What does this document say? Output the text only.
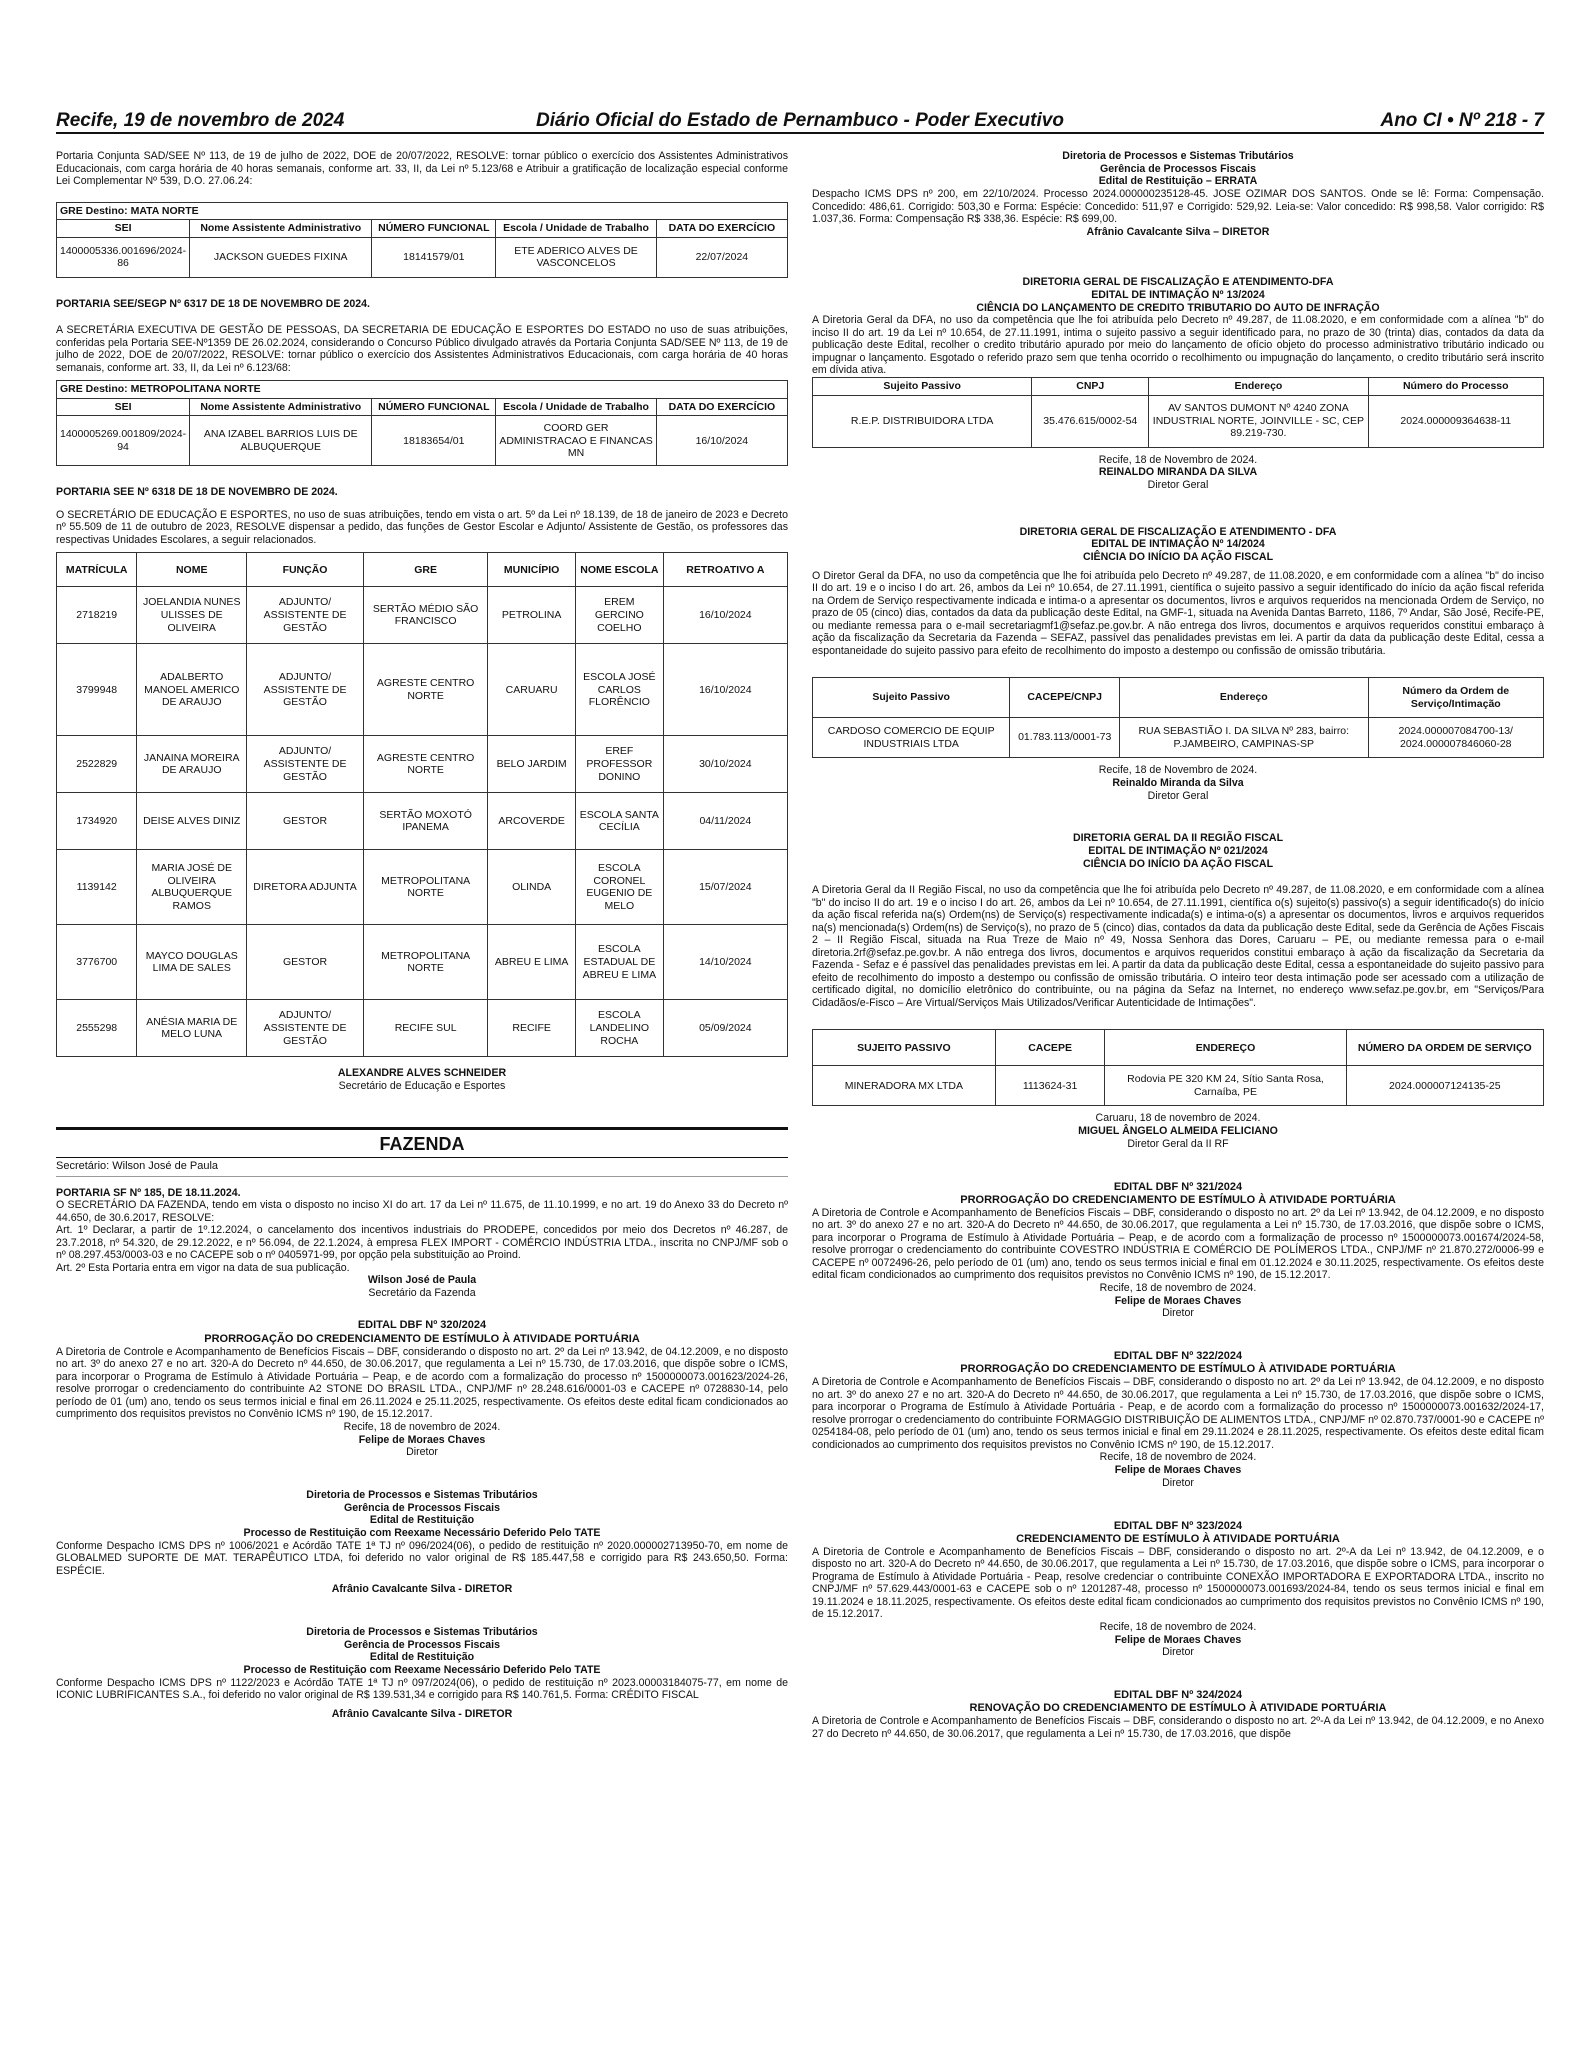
Recife, 19 de novembro de 2024	Diário Oficial do Estado de Pernambuco - Poder Executivo	Ano CI • Nº 218 - 7

Portaria Conjunta SAD/SEE Nº 113, de 19 de julho de 2022, DOE de 20/07/2022, RESOLVE: tornar público o exercício dos Assistentes Administrativos Educacionais, com carga horária de 40 horas semanais, conforme art. 33, II, da Lei nº 5.123/68 e Atribuir a gratificação de localização especial conforme Lei Complementar Nº 539, D.O. 27.06.24:

GRE Destino: MATA NORTE
SEI	Nome Assistente Administrativo	NÚMERO FUNCIONAL	Escola / Unidade de Trabalho	DATA DO EXERCÍCIO
1400005336.001696/2024-86	JACKSON GUEDES FIXINA	18141579/01	ETE ADERICO ALVES DE VASCONCELOS	22/07/2024

PORTARIA SEE/SEGP Nº 6317 DE 18 DE NOVEMBRO DE 2024.

A SECRETÁRIA EXECUTIVA DE GESTÃO DE PESSOAS, DA SECRETARIA DE EDUCAÇÃO E ESPORTES DO ESTADO no uso de suas atribuições, conferidas pela Portaria SEE-Nº1359 DE 26.02.2024, considerando o Concurso Público divulgado através da Portaria Conjunta SAD/SEE Nº 113, de 19 de julho de 2022, DOE de 20/07/2022, RESOLVE: tornar público o exercício dos Assistentes Administrativos Educacionais, com carga horária de 40 horas semanais, conforme art. 33, II, da Lei nº 6.123/68:

GRE Destino: METROPOLITANA NORTE
SEI	Nome Assistente Administrativo	NÚMERO FUNCIONAL	Escola / Unidade de Trabalho	DATA DO EXERCÍCIO
1400005269.001809/2024-94	ANA IZABEL BARRIOS LUIS DE ALBUQUERQUE	18183654/01	COORD GER ADMINISTRACAO E FINANCAS MN	16/10/2024

PORTARIA SEE Nº 6318 DE 18 DE NOVEMBRO DE 2024.

O SECRETÁRIO DE EDUCAÇÃO E ESPORTES, no uso de suas atribuições, tendo em vista o art. 5º da Lei nº 18.139, de 18 de janeiro de 2023 e Decreto nº 55.509 de 11 de outubro de 2023, RESOLVE dispensar a pedido, das funções de Gestor Escolar e Adjunto/ Assistente de Gestão, os professores das respectivas Unidades Escolares, a seguir relacionados.

MATRÍCULA	NOME	FUNÇÃO	GRE	MUNICÍPIO	NOME ESCOLA	RETROATIVO A
2718219	JOELANDIA NUNES ULISSES DE OLIVEIRA	ADJUNTO/ ASSISTENTE DE GESTÃO	SERTÃO MÉDIO SÃO FRANCISCO	PETROLINA	EREM GERCINO COELHO	16/10/2024
3799948	ADALBERTO MANOEL AMERICO DE ARAUJO	ADJUNTO/ ASSISTENTE DE GESTÃO	AGRESTE CENTRO NORTE	CARUARU	ESCOLA JOSÉ CARLOS FLORÊNCIO	16/10/2024
2522829	JANAINA MOREIRA DE ARAUJO	ADJUNTO/ ASSISTENTE DE GESTÃO	AGRESTE CENTRO NORTE	BELO JARDIM	EREF PROFESSOR DONINO	30/10/2024
1734920	DEISE ALVES DINIZ	GESTOR	SERTÃO MOXOTÓ IPANEMA	ARCOVERDE	ESCOLA SANTA CECÍLIA	04/11/2024
1139142	MARIA JOSÉ DE OLIVEIRA ALBUQUERQUE RAMOS	DIRETORA ADJUNTA	METROPOLITANA NORTE	OLINDA	ESCOLA CORONEL EUGENIO DE MELO	15/07/2024
3776700	MAYCO DOUGLAS LIMA DE SALES	GESTOR	METROPOLITANA NORTE	ABREU E LIMA	ESCOLA ESTADUAL DE ABREU E LIMA	14/10/2024
2555298	ANÉSIA MARIA DE MELO LUNA	ADJUNTO/ ASSISTENTE DE GESTÃO	RECIFE SUL	RECIFE	ESCOLA LANDELINO ROCHA	05/09/2024
ALEXANDRE ALVES SCHNEIDER
Secretário de Educação e Esportes
FAZENDA
Secretário: Wilson José de Paula

PORTARIA SF Nº 185, DE 18.11.2024.

O SECRETÁRIO DA FAZENDA, tendo em vista o disposto no inciso XI do art. 17 da Lei nº 11.675, de 11.10.1999, e no art. 19 do Anexo 33 do Decreto nº 44.650, de 30.6.2017, RESOLVE:

Art. 1º Declarar, a partir de 1º.12.2024, o cancelamento dos incentivos industriais do PRODEPE, concedidos por meio dos Decretos nº 46.287, de 23.7.2018, nº 54.320, de 29.12.2022, e nº 56.094, de 22.1.2024, à empresa FLEX IMPORT - COMÉRCIO INDÚSTRIA LTDA., inscrita no CNPJ/MF sob o nº 08.297.453/0003-03 e no CACEPE sob o nº 0405971-99, por opção pela substituição ao Proind.

Art. 2º Esta Portaria entra em vigor na data de sua publicação.

Wilson José de Paula
Secretário da Fazenda
EDITAL DBF Nº 320/2024
PRORROGAÇÃO DO CREDENCIAMENTO DE ESTÍMULO À ATIVIDADE PORTUÁRIA

A Diretoria de Controle e Acompanhamento de Benefícios Fiscais – DBF, considerando o disposto no art. 2º da Lei nº 13.942, de 04.12.2009, e no disposto no art. 3º do anexo 27 e no art. 320-A do Decreto nº 44.650, de 30.06.2017, que regulamenta a Lei nº 15.730, de 17.03.2016, que dispõe sobre o ICMS, para incorporar o Programa de Estímulo à Atividade Portuária – Peap, e de acordo com a formalização do processo nº 1500000073.001623/2024-26, resolve prorrogar o credenciamento do contribuinte A2 STONE DO BRASIL LTDA., CNPJ/MF nº 28.248.616/0001-03 e CACEPE nº 0728830-14, pelo período de 01 (um) ano, tendo os seus termos inicial e final em 26.11.2024 e 25.11.2025, respectivamente. Os efeitos deste edital ficam condicionados ao cumprimento dos requisitos previstos no Convênio ICMS nº 190, de 15.12.2017.

Recife, 18 de novembro de 2024.
Felipe de Moraes Chaves
Diretor
Diretoria de Processos e Sistemas Tributários
Gerência de Processos Fiscais
Edital de Restituição
Processo de Restituição com Reexame Necessário Deferido Pelo TATE

Conforme Despacho ICMS DPS nº 1006/2021 e Acórdão TATE 1ª TJ nº 096/2024(06), o pedido de restituição nº 2020.000002713950-70, em nome de GLOBALMED SUPORTE DE MAT. TERAPÊUTICO LTDA, foi deferido no valor original de R$ 185.447,58 e corrigido para R$ 243.650,50. Forma: ESPÉCIE.

Afrânio Cavalcante Silva - DIRETOR
Diretoria de Processos e Sistemas Tributários
Gerência de Processos Fiscais
Edital de Restituição
Processo de Restituição com Reexame Necessário Deferido Pelo TATE

Conforme Despacho ICMS DPS nº 1122/2023 e Acórdão TATE 1ª TJ nº 097/2024(06), o pedido de restituição nº 2023.00003184075-77, em nome de ICONIC LUBRIFICANTES S.A., foi deferido no valor original de R$ 139.531,34 e corrigido para R$ 140.761,5. Forma: CRÉDITO FISCAL

Afrânio Cavalcante Silva - DIRETOR
Diretoria de Processos e Sistemas Tributários
Gerência de Processos Fiscais
Edital de Restituição – ERRATA

Despacho ICMS DPS nº 200, em 22/10/2024. Processo 2024.000000235128-45. JOSE OZIMAR DOS SANTOS. Onde se lê: Forma: Compensação. Concedido: 486,61. Corrigido: 503,30 e Forma: Espécie: Concedido: 511,97 e Corrigido: 529,92. Leia-se: Valor concedido: R$ 998,58. Valor corrigido: R$ 1.037,36. Forma: Compensação R$ 338,36. Espécie: R$ 699,00.

Afrânio Cavalcante Silva – DIRETOR
DIRETORIA GERAL DE FISCALIZAÇÃO E ATENDIMENTO-DFA
EDITAL DE INTIMAÇÃO Nº 13/2024
CIÊNCIA DO LANÇAMENTO DE CREDITO TRIBUTARIO DO AUTO DE INFRAÇÃO

A Diretoria Geral da DFA, no uso da competência que lhe foi atribuída pelo Decreto nº 49.287, de 11.08.2020, e em conformidade com a alínea "b" do inciso II do art. 19 da Lei nº 10.654, de 27.11.1991, intima o sujeito passivo a seguir identificado para, no prazo de 30 (trinta) dias, contados da data da publicação deste Edital, recolher o credito tributário apurado por meio do lançamento de ofício objeto do processo administrativo tributário indicado ou impugnar o lançamento. Esgotado o referido prazo sem que tenha ocorrido o recolhimento ou impugnação do lançamento, o credito tributário será inscrito em dívida ativa.

Sujeito Passivo	CNPJ	Endereço	Número do Processo
R.E.P. DISTRIBUIDORA LTDA	35.476.615/0002-54	AV SANTOS DUMONT Nº 4240 ZONA INDUSTRIAL NORTE, JOINVILLE - SC, CEP 89.219-730.	2024.000009364638-11
Recife, 18 de Novembro de 2024.
REINALDO MIRANDA DA SILVA
Diretor Geral
DIRETORIA GERAL DE FISCALIZAÇÃO E ATENDIMENTO - DFA
EDITAL DE INTIMAÇÃO Nº 14/2024
CIÊNCIA DO INÍCIO DA AÇÃO FISCAL

O Diretor Geral da DFA, no uso da competência que lhe foi atribuída pelo Decreto nº 49.287, de 11.08.2020, e em conformidade com a alínea "b" do inciso II do art. 19 e o inciso I do art. 26, ambos da Lei nº 10.654, de 27.11.1991, científica o sujeito passivo a seguir identificado do início da ação fiscal referida na Ordem de Serviço respectivamente indicada e intima-o a apresentar os documentos, livros e arquivos requeridos na mencionada Ordem de Serviço, no prazo de 05 (cinco) dias, contados da data da publicação deste Edital, na GMF-1, situada na Avenida Dantas Barreto, 1186, 7º Andar, São José, Recife-PE, ou mediante remessa para o e-mail secretariagmf1@sefaz.pe.gov.br. A não entrega dos livros, documentos e arquivos requeridos constitui embaraço à ação da fiscalização da Secretaria da Fazenda – SEFAZ, passível das penalidades previstas em lei. A partir da data da publicação deste Edital, cessa a espontaneidade do sujeito passivo para efeito de recolhimento do imposto a destempo ou confissão de omissão tributária.

Sujeito Passivo	CACEPE/CNPJ	Endereço	Número da Ordem de Serviço/Intimação
CARDOSO COMERCIO DE EQUIP INDUSTRIAIS LTDA	01.783.113/0001-73	RUA SEBASTIÃO I. DA SILVA Nº 283, bairro: P.JAMBEIRO, CAMPINAS-SP	2024.000007084700-13/ 2024.000007846060-28
Recife, 18 de Novembro de 2024.
Reinaldo Miranda da Silva
Diretor Geral
DIRETORIA GERAL DA II REGIÃO FISCAL
EDITAL DE INTIMAÇÃO Nº 021/2024
CIÊNCIA DO INÍCIO DA AÇÃO FISCAL

A Diretoria Geral da II Região Fiscal, no uso da competência que lhe foi atribuída pelo Decreto nº 49.287, de 11.08.2020, e em conformidade com a alínea "b" do inciso II do art. 19 e o inciso I do art. 26, ambos da Lei nº 10.654, de 27.11.1991, científica o(s) sujeito(s) passivo(s) a seguir identificado(s) do início da ação fiscal referida na(s) Ordem(ns) de Serviço(s) respectivamente indicada(s) e intima-o(s) a apresentar os documentos, livros e arquivos requeridos na(s) mencionada(s) Ordem(ns) de Serviço(s), no prazo de 5 (cinco) dias, contados da data da publicação deste Edital, sede da Gerência de Ações Fiscais 2 – II Região Fiscal, situada na Rua Treze de Maio nº 49, Nossa Senhora das Dores, Caruaru – PE, ou mediante remessa para o e-mail diretoria.2rf@sefaz.pe.gov.br. A não entrega dos livros, documentos e arquivos requeridos constitui embaraço à ação da fiscalização da Secretaria da Fazenda - Sefaz e é passível das penalidades previstas em lei. A partir da data da publicação deste Edital, cessa a espontaneidade do sujeito passivo para efeito de recolhimento do imposto a destempo ou confissão de omissão tributária. O inteiro teor desta intimação pode ser acessado com a utilização de certificado digital, no domicílio eletrônico do contribuinte, ou na página da Sefaz na Internet, no endereço www.sefaz.pe.gov.br, em "Serviços/Para Cidadãos/e-Fisco – Are Virtual/Serviços Mais Utilizados/Verificar Autenticidade de Intimações".

SUJEITO PASSIVO	CACEPE	ENDEREÇO	NÚMERO DA ORDEM DE SERVIÇO
MINERADORA MX LTDA	1113624-31	Rodovia PE 320 KM 24, Sítio Santa Rosa, Carnaíba, PE	2024.000007124135-25
Caruaru, 18 de novembro de 2024.
MIGUEL ÂNGELO ALMEIDA FELICIANO
Diretor Geral da II RF
EDITAL DBF Nº 321/2024
PRORROGAÇÃO DO CREDENCIAMENTO DE ESTÍMULO À ATIVIDADE PORTUÁRIA

A Diretoria de Controle e Acompanhamento de Benefícios Fiscais – DBF, considerando o disposto no art. 2º da Lei nº 13.942, de 04.12.2009, e no disposto no art. 3º do anexo 27 e no art. 320-A do Decreto nº 44.650, de 30.06.2017, que regulamenta a Lei nº 15.730, de 17.03.2016, que dispõe sobre o ICMS, para incorporar o Programa de Estímulo à Atividade Portuária – Peap, e de acordo com a formalização de processo nº 1500000073.001674/2024-58, resolve prorrogar o credenciamento do contribuinte COVESTRO INDÚSTRIA E COMÉRCIO DE POLÍMEROS LTDA., CNPJ/MF nº 21.870.272/0006-99 e CACEPE nº 0072496-26, pelo período de 01 (um) ano, tendo os seus termos inicial e final em 01.12.2024 e 30.11.2025, respectivamente. Os efeitos deste edital ficam condicionados ao cumprimento dos requisitos previstos no Convênio ICMS nº 190, de 15.12.2017.

Recife, 18 de novembro de 2024.
Felipe de Moraes Chaves
Diretor
EDITAL DBF Nº 322/2024
PRORROGAÇÃO DO CREDENCIAMENTO DE ESTÍMULO À ATIVIDADE PORTUÁRIA

A Diretoria de Controle e Acompanhamento de Benefícios Fiscais – DBF, considerando o disposto no art. 2º da Lei nº 13.942, de 04.12.2009, e no disposto no art. 3º do anexo 27 e no art. 320-A do Decreto nº 44.650, de 30.06.2017, que regulamenta a Lei nº 15.730, de 17.03.2016, que dispõe sobre o ICMS, para incorporar o Programa de Estímulo à Atividade Portuária - Peap, e de acordo com a formalização do processo nº 1500000073.001632/2024-17, resolve prorrogar o credenciamento do contribuinte FORMAGGIO DISTRIBUIÇÃO DE ALIMENTOS LTDA., CNPJ/MF nº 02.870.737/0001-90 e CACEPE nº 0254184-08, pelo período de 01 (um) ano, tendo os seus termos inicial e final em 29.11.2024 e 28.11.2025, respectivamente. Os efeitos deste edital ficam condicionados ao cumprimento dos requisitos previstos no Convênio ICMS nº 190, de 15.12.2017.

Recife, 18 de novembro de 2024.
Felipe de Moraes Chaves
Diretor
EDITAL DBF Nº 323/2024
CREDENCIAMENTO DE ESTÍMULO À ATIVIDADE PORTUÁRIA

A Diretoria de Controle e Acompanhamento de Benefícios Fiscais – DBF, considerando o disposto no art. 2º-A da Lei nº 13.942, de 04.12.2009, e o disposto no art. 320-A do Decreto nº 44.650, de 30.06.2017, que regulamenta a Lei nº 15.730, de 17.03.2016, que dispõe sobre o ICMS, para incorporar o Programa de Estímulo à Atividade Portuária - Peap, resolve credenciar o contribuinte CONEXÃO IMPORTADORA E EXPORTADORA LTDA., inscrito no CNPJ/MF nº 57.629.443/0001-63 e CACEPE sob o nº 1201287-48, processo nº 1500000073.001693/2024-84, tendo os seus termos inicial e final em 19.11.2024 e 18.11.2025, respectivamente. Os efeitos deste edital ficam condicionados ao cumprimento dos requisitos previstos no Convênio ICMS nº 190, de 15.12.2017.

Recife, 18 de novembro de 2024.
Felipe de Moraes Chaves
Diretor
EDITAL DBF Nº 324/2024
RENOVAÇÃO DO CREDENCIAMENTO DE ESTÍMULO À ATIVIDADE PORTUÁRIA

A Diretoria de Controle e Acompanhamento de Benefícios Fiscais – DBF, considerando o disposto no art. 2º-A da Lei nº 13.942, de 04.12.2009, e no Anexo 27 do Decreto nº 44.650, de 30.06.2017, que regulamenta a Lei nº 15.730, de 17.03.2016, que dispõe
